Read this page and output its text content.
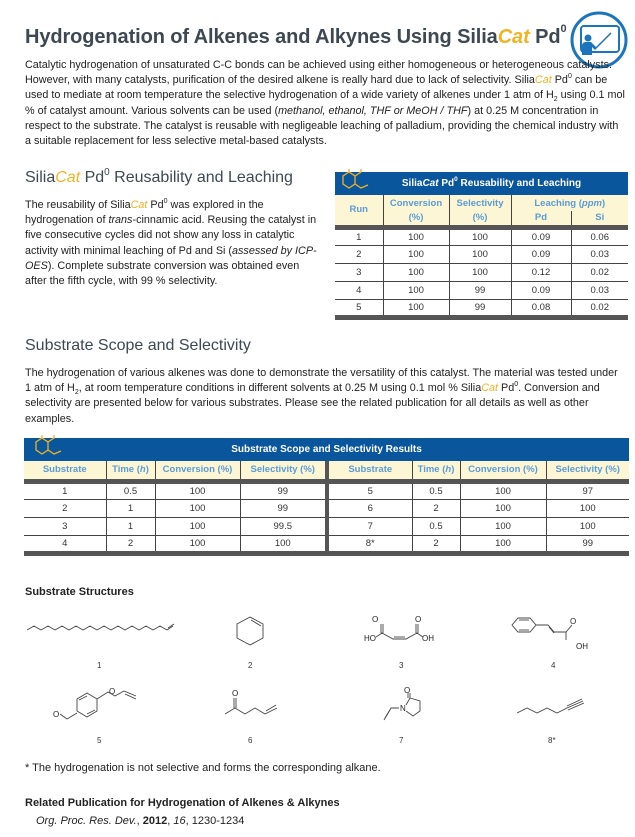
Hydrogenation of Alkenes and Alkynes Using SiliaCat Pd$^0$
Catalytic hydrogenation of unsaturated C-C bonds can be achieved using either homogeneous or heterogeneous catalysts. However, with many catalysts, purification of the desired alkene is really hard due to lack of selectivity. SiliaCat Pd$^0$ can be used to mediate at room temperature the selective hydrogenation of a wide variety of alkenes under 1 atm of $H_2$ using 0.1 mol % of catalyst amount. Various solvents can be used (methanol, ethanol, THF or MeOH / THF) at 0.25 M concentration in respect to the substrate. The catalyst is reusable with negligeable leaching of palladium, providing the chemical industry with a suitable replacement for less selective metal-based catalysts.
SiliaCat Pd$^0$ Reusability and Leaching
The reusability of SiliaCat Pd$^0$ was explored in the hydrogenation of trans-cinnamic acid. Reusing the catalyst in five consecutive cycles did not show any loss in catalytic activity with minimal leaching of Pd and Si (assessed by ICP-OES). Complete substrate conversion was obtained even after the fifth cycle, with 99 % selectivity.
SiliaCat Pd$^0$ Reusability and Leaching
Run	Conversion	Selectivity	Leaching (ppm)	
	(%)	(%)	Pd	Si
1	100	100	0.09	0.06
2	100	100	0.09	0.03
3	100	100	0.12	0.02
4	100	99	0.09	0.03
5	100	99	0.08	0.02
Substrate Scope and Selectivity
The hydrogenation of various alkenes was done to demonstrate the versatility of this catalyst. The material was tested under 1 atm of $H_2$, at room temperature conditions in different solvents at 0.25 M using 0.1 mol % SiliaCat Pd$^0$. Conversion and selectivity are presented below for various substrates. Please see the related publication for all details as well as other examples.
Substrate Scope and Selectivity Results
Substrate	Time (h)	Conversion (%)	Selectivity (%)	Substrate	Time (h)	Conversion (%)	Selectivity (%)
1	0.5	100	99	5	0.5	100	97
2	1	100	99	6	2	100	100
3	1	100	99.5	7	0.5	100	100
4	2	100	100	8*	2	100	99
Substrate Structures
HO
O	O
OH
O
OH
1	2	3	4
O
O	O	O
N
5	6	7	8*
* The hydrogenation is not selective and forms the corresponding alkane.
Related Publication for Hydrogenation of Alkenes & Alkynes
Org. Proc. Res. Dev., 2012, 16, 1230-1234
